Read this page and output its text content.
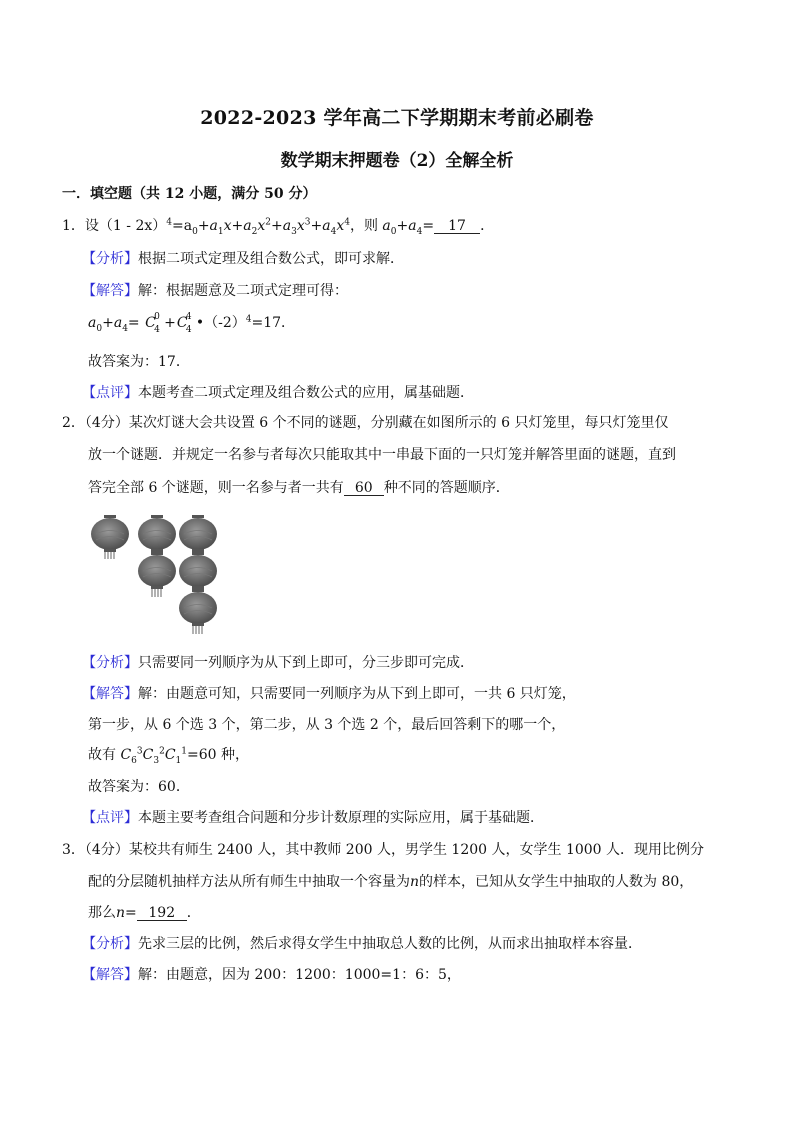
2022-2023 学年高二下学期期末考前必刷卷
数学期末押题卷（2）全解全析
一．填空题（共 12 小题，满分 50 分）
1．设$(1 - 2x)^4=a_0+a_1x+a_2x^2+a_3x^3+a_4x^4$，则 $a_0+a_4= 17$ ．
【分析】根据二项式定理及组合数公式，即可求解．
【解答】解：根据题意及二项式定理可得：
$a_0+a_4= C$
0
4 +C
4
4 $•(-2)^4=17$．
故答案为：17．
【点评】本题考查二项式定理及组合数公式的应用，属基础题．
2．（4分）某次灯谜大会共设置 6 个不同的谜题，分别藏在如图所示的 6 只灯笼里，每只灯笼里仅
放一个谜题．并规定一名参与者每次只能取其中一串最下面的一只灯笼并解答里面的谜题，直到
答完全部 6 个谜题，则一名参与者一共有 60 种不同的答题顺序．
【分析】只需要同一列顺序为从下到上即可，分三步即可完成．
【解答】解：由题意可知，只需要同一列顺序为从下到上即可，一共 6 只灯笼，
第一步，从 6 个选 3 个，第二步，从 3 个选 2 个，最后回答剩下的哪一个，
故有 $C_6^3C_3^2C_1^1=60$ 种，
故答案为：60．
【点评】本题主要考查组合问题和分步计数原理的实际应用，属于基础题．
3．（4分）某校共有师生 2400 人，其中教师 200 人，男学生 1200 人，女学生 1000 人．现用比例分
配的分层随机抽样方法从所有师生中抽取一个容量为n的样本，已知从女学生中抽取的人数为 80，
那么n= 192 ．
【分析】先求三层的比例，然后求得女学生中抽取总人数的比例，从而求出抽取样本容量．
【解答】解：由题意，因为 200：1200：1000=1：6：5，
